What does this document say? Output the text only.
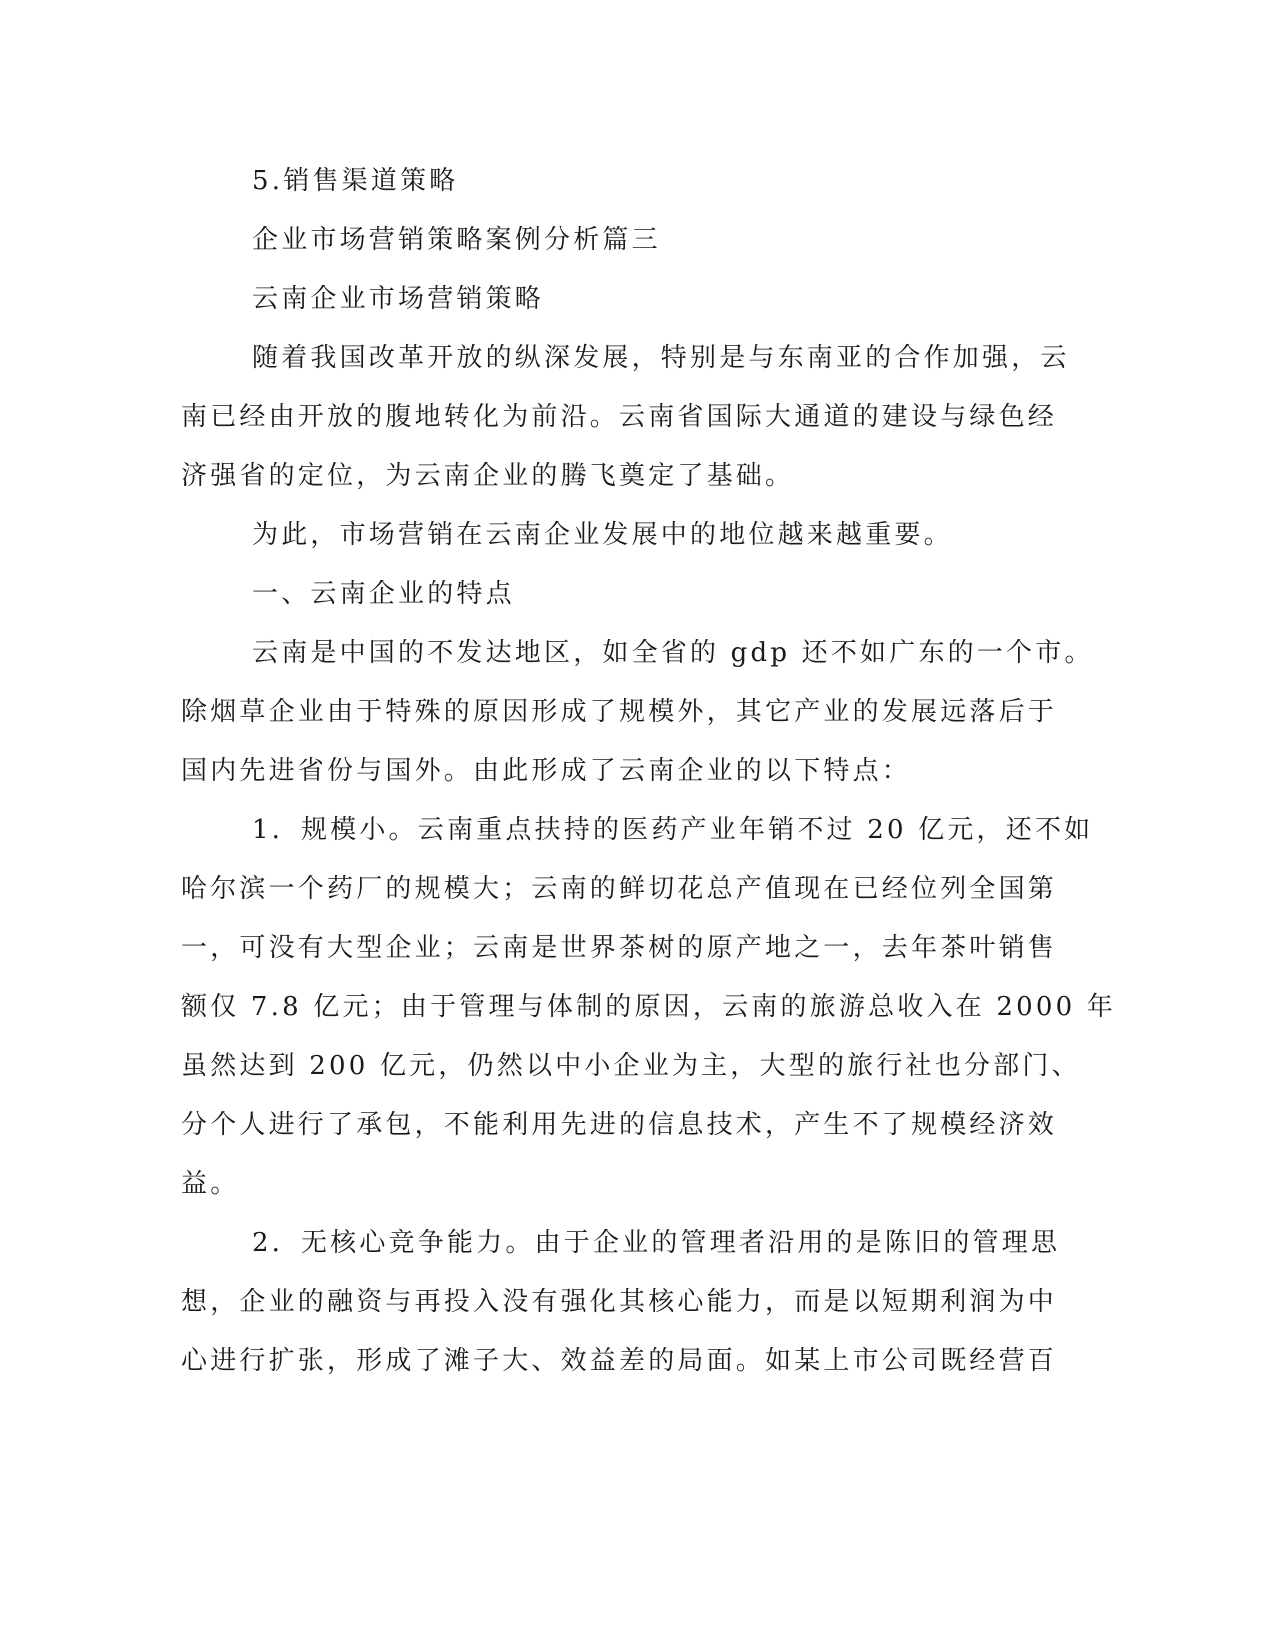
5.销售渠道策略
企业市场营销策略案例分析篇三
云南企业市场营销策略
随着我国改革开放的纵深发展，特别是与东南亚的合作加强，云
南已经由开放的腹地转化为前沿。云南省国际大通道的建设与绿色经
济强省的定位，为云南企业的腾飞奠定了基础。
为此，市场营销在云南企业发展中的地位越来越重要。
一、云南企业的特点
云南是中国的不发达地区，如全省的 gdp 还不如广东的一个市。
除烟草企业由于特殊的原因形成了规模外，其它产业的发展远落后于
国内先进省份与国外。由此形成了云南企业的以下特点：
1．规模小。云南重点扶持的医药产业年销不过 20 亿元，还不如
哈尔滨一个药厂的规模大；云南的鲜切花总产值现在已经位列全国第
一，可没有大型企业；云南是世界茶树的原产地之一，去年茶叶销售
额仅 7.8 亿元；由于管理与体制的原因，云南的旅游总收入在 2000 年
虽然达到 200 亿元，仍然以中小企业为主，大型的旅行社也分部门、
分个人进行了承包，不能利用先进的信息技术，产生不了规模经济效
益。
2．无核心竞争能力。由于企业的管理者沿用的是陈旧的管理思
想，企业的融资与再投入没有强化其核心能力，而是以短期利润为中
心进行扩张，形成了滩子大、效益差的局面。如某上市公司既经营百
